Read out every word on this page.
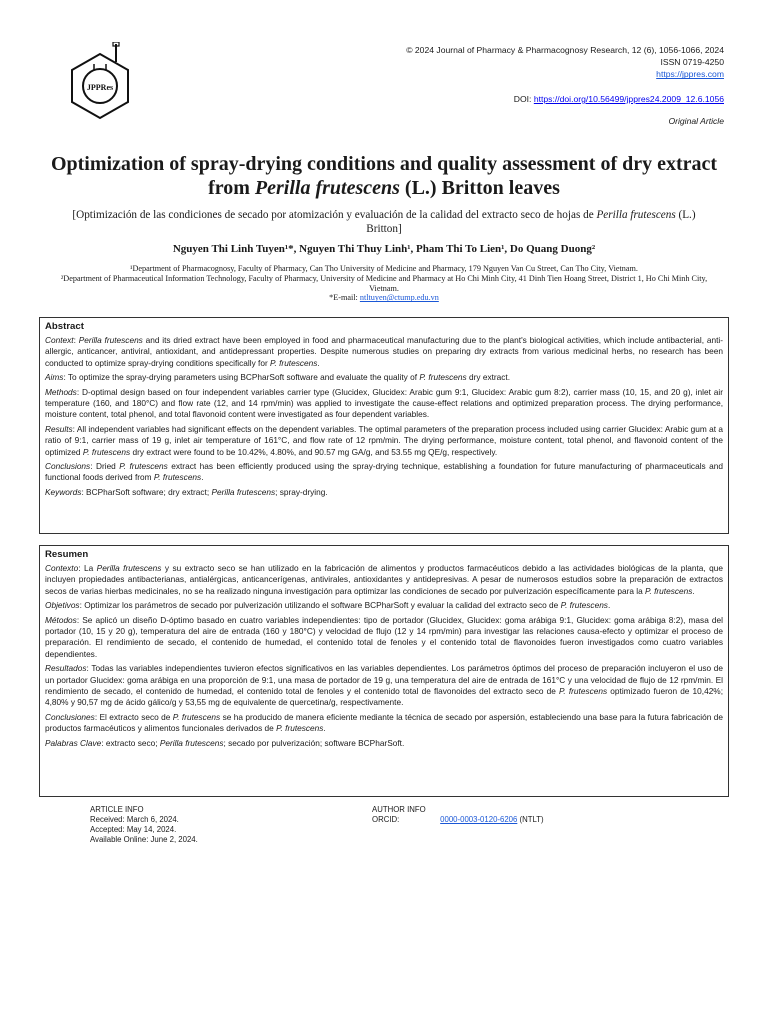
JPPRes
© 2024 Journal of Pharmacy & Pharmacognosy Research, 12 (6), 1056-1066, 2024
ISSN 0719-4250
https://jppres.com
DOI: https://doi.org/10.56499/jppres24.2009_12.6.1056
Original Article
Optimization of spray-drying conditions and quality assessment of dry extract from Perilla frutescens (L.) Britton leaves
[Optimización de las condiciones de secado por atomización y evaluación de la calidad del extracto seco de hojas de Perilla frutescens (L.) Britton]
Nguyen Thi Linh Tuyen¹*, Nguyen Thi Thuy Linh¹, Pham Thi To Lien¹, Do Quang Duong²
¹Department of Pharmacognosy, Faculty of Pharmacy, Can Tho University of Medicine and Pharmacy, 179 Nguyen Van Cu Street, Can Tho City, Vietnam.
²Department of Pharmaceutical Information Technology, Faculty of Pharmacy, University of Medicine and Pharmacy at Ho Chi Minh City, 41 Dinh Tien Hoang Street, District 1, Ho Chi Minh City, Vietnam.
*E-mail: ntltuyen@ctump.edu.vn
Abstract

Context: Perilla frutescens and its dried extract have been employed in food and pharmaceutical manufacturing due to the plant's biological activities, which include antibacterial, anti-allergic, anticancer, antiviral, antioxidant, and antidepressant properties. Despite numerous studies on preparing dry extracts from various medicinal herbs, no research has been conducted to optimize spray-drying conditions specifically for P. frutescens.

Aims: To optimize the spray-drying parameters using BCPharSoft software and evaluate the quality of P. frutescens dry extract.

Methods: D-optimal design based on four independent variables carrier type (Glucidex, Glucidex: Arabic gum 9:1, Glucidex: Arabic gum 8:2), carrier mass (10, 15, and 20 g), inlet air temperature (160, and 180°C) and flow rate (12, and 14 rpm/min) was applied to investigate the cause-effect relations and optimized preparation process. The drying performance, moisture content, total phenol, and total flavonoid content were investigated as four dependent variables.

Results: All independent variables had significant effects on the dependent variables. The optimal parameters of the preparation process included using carrier Glucidex: Arabic gum at a ratio of 9:1, carrier mass of 19 g, inlet air temperature of 161°C, and flow rate of 12 rpm/min. The drying performance, moisture content, total phenol, and flavonoid content of the optimized P. frutescens dry extract were found to be 10.42%, 4.80%, and 90.57 mg GA/g, and 53.55 mg QE/g, respectively.

Conclusions: Dried P. frutescens extract has been efficiently produced using the spray-drying technique, establishing a foundation for future manufacturing of pharmaceuticals and functional foods derived from P. frutescens.

Keywords: BCPharSoft software; dry extract; Perilla frutescens; spray-drying.

Resumen

Contexto: La Perilla frutescens y su extracto seco se han utilizado en la fabricación de alimentos y productos farmacéuticos debido a las actividades biológicas de la planta, que incluyen propiedades antibacterianas, antialérgicas, anticancerígenas, antivirales, antioxidantes y antidepresivas. A pesar de numerosos estudios sobre la preparación de extractos secos de varias hierbas medicinales, no se ha realizado ninguna investigación para optimizar las condiciones de secado por pulverización específicamente para la P. frutescens.

Objetivos: Optimizar los parámetros de secado por pulverización utilizando el software BCPharSoft y evaluar la calidad del extracto seco de P. frutescens.

Métodos: Se aplicó un diseño D-óptimo basado en cuatro variables independientes: tipo de portador (Glucidex, Glucidex: goma arábiga 9:1, Glucidex: goma arábiga 8:2), masa del portador (10, 15 y 20 g), temperatura del aire de entrada (160 y 180°C) y velocidad de flujo (12 y 14 rpm/min) para investigar las relaciones causa-efecto y optimizar el proceso de preparación. El rendimiento de secado, el contenido de humedad, el contenido total de fenoles y el contenido total de flavonoides fueron investigados como cuatro variables dependientes.

Resultados: Todas las variables independientes tuvieron efectos significativos en las variables dependientes. Los parámetros óptimos del proceso de preparación incluyeron el uso de un portador Glucidex: goma arábiga en una proporción de 9:1, una masa de portador de 19 g, una temperatura del aire de entrada de 161°C y una velocidad de flujo de 12 rpm/min. El rendimiento de secado, el contenido de humedad, el contenido total de fenoles y el contenido total de flavonoides del extracto seco de P. frutescens optimizado fueron de 10,42%; 4,80% y 90,57 mg de ácido gálico/g y 53,55 mg de equivalente de quercetina/g, respectivamente.

Conclusiones: El extracto seco de P. frutescens se ha producido de manera eficiente mediante la técnica de secado por aspersión, estableciendo una base para la futura fabricación de productos farmacéuticos y alimentos funcionales derivados de P. frutescens.

Palabras Clave: extracto seco; Perilla frutescens; secado por pulverización; software BCPharSoft.

ARTICLE INFO
Received: March 6, 2024.
Accepted: May 14, 2024.
Available Online: June 2, 2024.
AUTHOR INFO
ORCID:	0000-0003-0120-6206 (NTLT)
